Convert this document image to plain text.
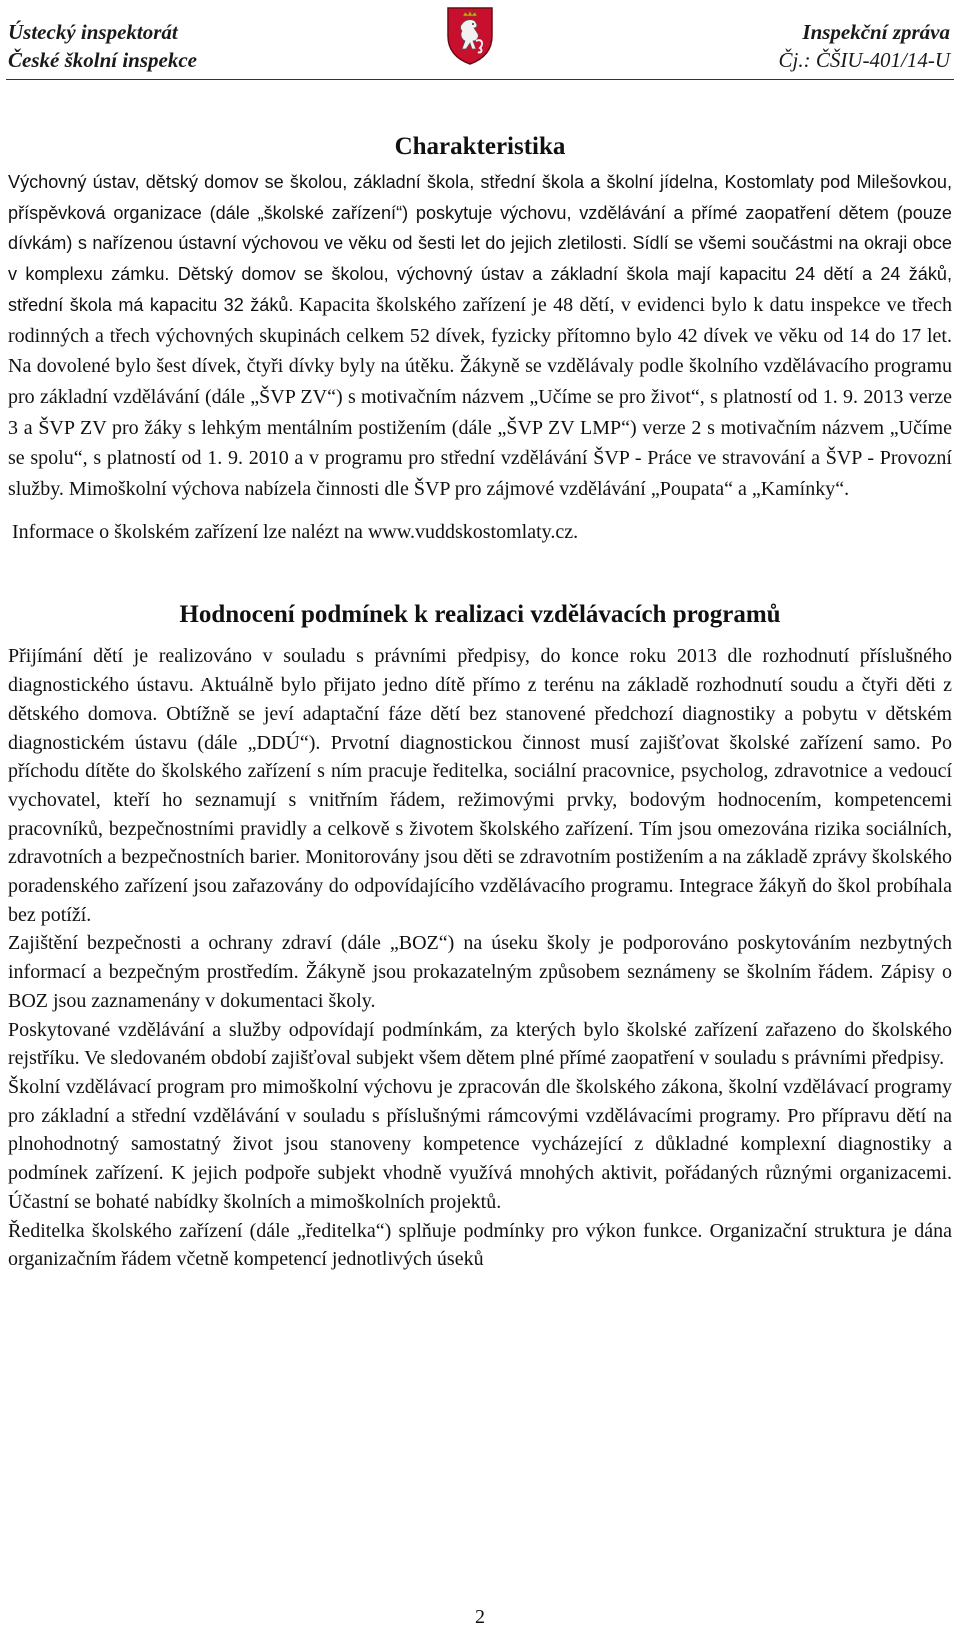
Ústecký inspektorát
České školní inspekce
Inspekční zpráva
Čj.: ČŠIU-401/14-U
Charakteristika

Výchovný ústav, dětský domov se školou, základní škola, střední škola a školní jídelna, Kostomlaty pod Milešovkou, příspěvková organizace (dále „školské zařízení“) poskytuje výchovu, vzdělávání a přímé zaopatření dětem (pouze dívkám) s nařízenou ústavní výchovou ve věku od šesti let do jejich zletilosti. Sídlí se všemi součástmi na okraji obce v komplexu zámku. Dětský domov se školou, výchovný ústav a základní škola mají kapacitu 24 dětí a 24 žáků, střední škola má kapacitu 32 žáků. Kapacita školského zařízení je 48 dětí, v evidenci bylo k datu inspekce ve třech rodinných a třech výchovných skupinách celkem 52 dívek, fyzicky přítomno bylo 42 dívek ve věku od 14 do 17 let. Na dovolené bylo šest dívek, čtyři dívky byly na útěku. Žákyně se vzdělávaly podle školního vzdělávacího programu pro základní vzdělávání (dále „ŠVP ZV“) s motivačním názvem „Učíme se pro život“, s platností od 1. 9. 2013 verze 3 a ŠVP ZV pro žáky s lehkým mentálním postižením (dále „ŠVP ZV LMP“) verze 2 s motivačním názvem „Učíme se spolu“, s platností od 1. 9. 2010 a v programu pro střední vzdělávání ŠVP - Práce ve stravování a ŠVP - Provozní služby. Mimoškolní výchova nabízela činnosti dle ŠVP pro zájmové vzdělávání „Poupata“ a „Kamínky“.

Informace o školském zařízení lze nalézt na www.vuddskostomlaty.cz.

Hodnocení podmínek k realizaci vzdělávacích programů

Přijímání dětí je realizováno v souladu s právními předpisy, do konce roku 2013 dle rozhodnutí příslušného diagnostického ústavu. Aktuálně bylo přijato jedno dítě přímo z terénu na základě rozhodnutí soudu a čtyři děti z dětského domova. Obtížně se jeví adaptační fáze dětí bez stanovené předchozí diagnostiky a pobytu v dětském diagnostickém ústavu (dále „DDÚ“). Prvotní diagnostickou činnost musí zajišťovat školské zařízení samo. Po příchodu dítěte do školského zařízení s ním pracuje ředitelka, sociální pracovnice, psycholog, zdravotnice a vedoucí vychovatel, kteří ho seznamují s vnitřním řádem, režimovými prvky, bodovým hodnocením, kompetencemi pracovníků, bezpečnostními pravidly a celkově s životem školského zařízení. Tím jsou omezována rizika sociálních, zdravotních a bezpečnostních barier. Monitorovány jsou děti se zdravotním postižením a na základě zprávy školského poradenského zařízení jsou zařazovány do odpovídajícího vzdělávacího programu. Integrace žákyň do škol probíhala bez potíží.

Zajištění bezpečnosti a ochrany zdraví (dále „BOZ“) na úseku školy je podporováno poskytováním nezbytných informací a bezpečným prostředím. Žákyně jsou prokazatelným způsobem seznámeny se školním řádem. Zápisy o BOZ jsou zaznamenány v dokumentaci školy.

Poskytované vzdělávání a služby odpovídají podmínkám, za kterých bylo školské zařízení zařazeno do školského rejstříku. Ve sledovaném období zajišťoval subjekt všem dětem plné přímé zaopatření v souladu s právními předpisy.

Školní vzdělávací program pro mimoškolní výchovu je zpracován dle školského zákona, školní vzdělávací programy pro základní a střední vzdělávání v souladu s příslušnými rámcovými vzdělávacími programy. Pro přípravu dětí na plnohodnotný samostatný život jsou stanoveny kompetence vycházející z důkladné komplexní diagnostiky a podmínek zařízení. K jejich podpoře subjekt vhodně využívá mnohých aktivit, pořádaných různými organizacemi. Účastní se bohaté nabídky školních a mimoškolních projektů.

Ředitelka školského zařízení (dále „ředitelka“) splňuje podmínky pro výkon funkce. Organizační struktura je dána organizačním řádem včetně kompetencí jednotlivých úseků

2
